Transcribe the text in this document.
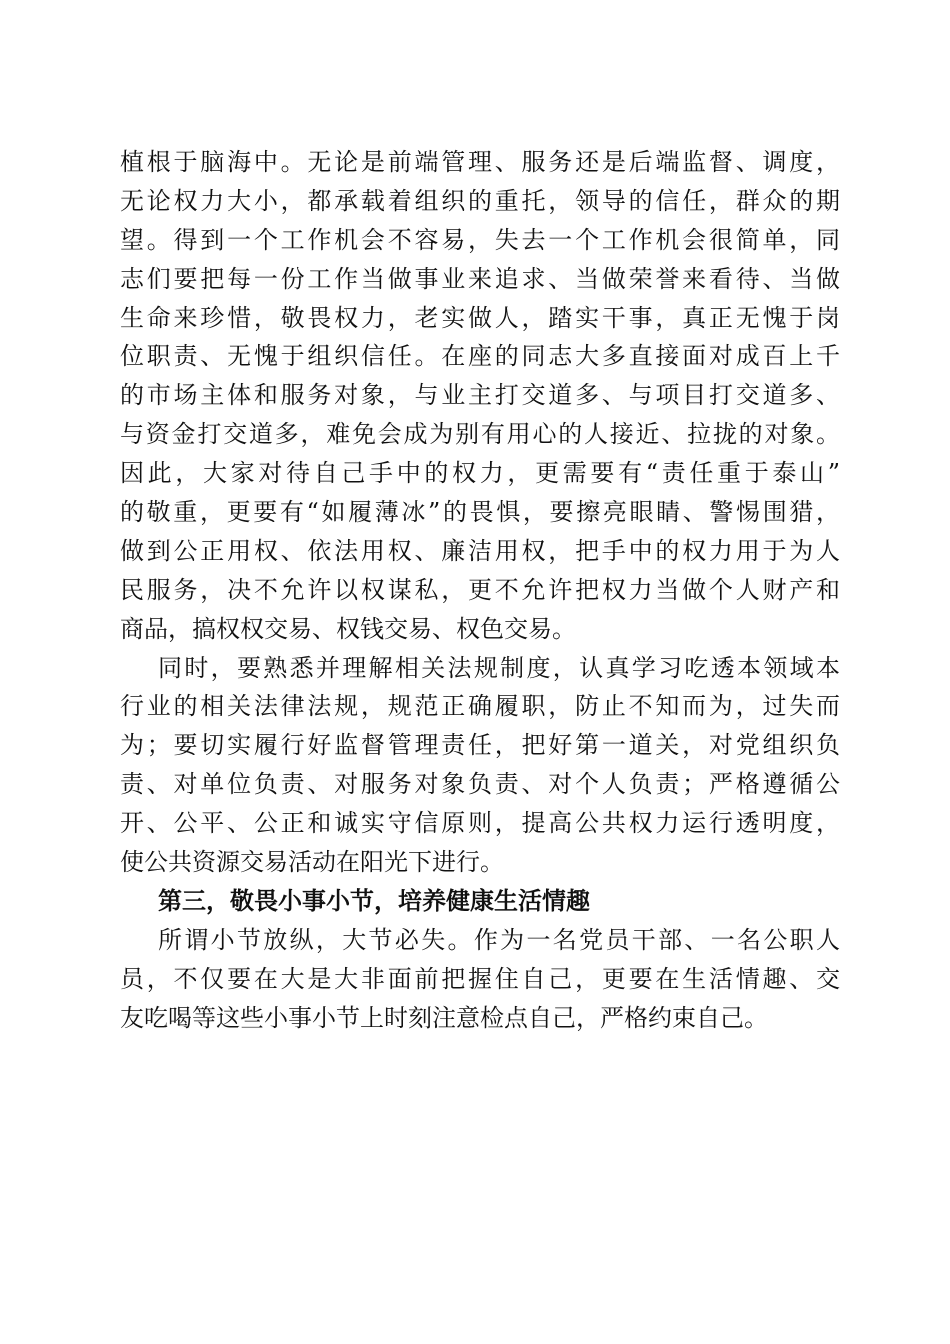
植根于脑海中。无论是前端管理、服务还是后端监督、调度，
无论权力大小，都承载着组织的重托，领导的信任，群众的期
望。得到一个工作机会不容易，失去一个工作机会很简单，同
志们要把每一份工作当做事业来追求、当做荣誉来看待、当做
生命来珍惜，敬畏权力，老实做人，踏实干事，真正无愧于岗
位职责、无愧于组织信任。在座的同志大多直接面对成百上千
的市场主体和服务对象，与业主打交道多、与项目打交道多、
与资金打交道多，难免会成为别有用心的人接近、拉拢的对象。
因此，大家对待自己手中的权力，更需要有“责任重于泰山”
的敬重，更要有“如履薄冰”的畏惧，要擦亮眼睛、警惕围猎，
做到公正用权、依法用权、廉洁用权，把手中的权力用于为人
民服务，决不允许以权谋私，更不允许把权力当做个人财产和
商品，搞权权交易、权钱交易、权色交易。
同时，要熟悉并理解相关法规制度，认真学习吃透本领域本
行业的相关法律法规，规范正确履职，防止不知而为，过失而
为；要切实履行好监督管理责任，把好第一道关，对党组织负
责、对单位负责、对服务对象负责、对个人负责；严格遵循公
开、公平、公正和诚实守信原则，提高公共权力运行透明度，
使公共资源交易活动在阳光下进行。
第三，敬畏小事小节，培养健康生活情趣
所谓小节放纵，大节必失。作为一名党员干部、一名公职人
员，不仅要在大是大非面前把握住自己，更要在生活情趣、交
友吃喝等这些小事小节上时刻注意检点自己，严格约束自己。
